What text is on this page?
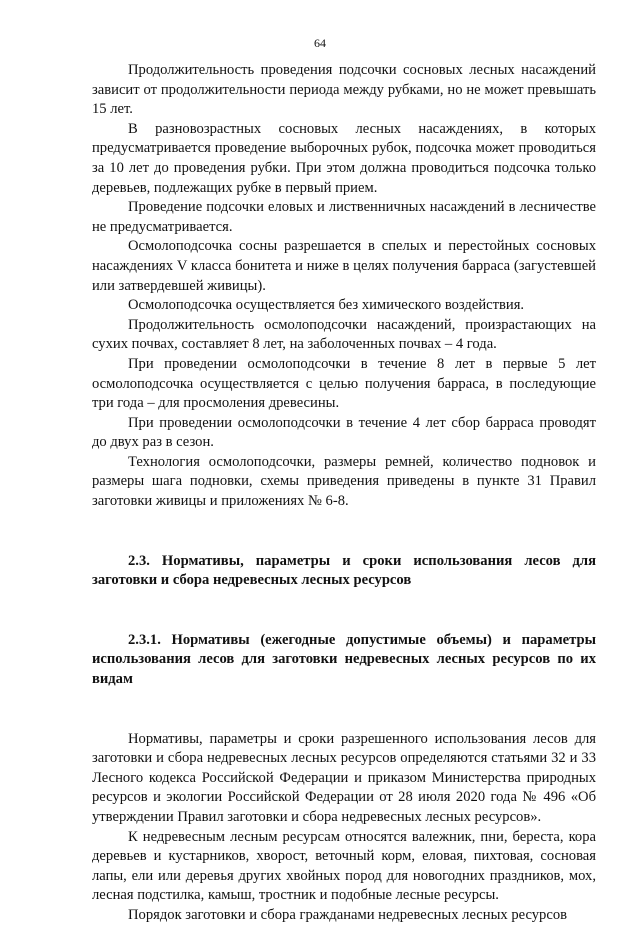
64

Продолжительность проведения подсочки сосновых лесных насаждений зависит от продолжительности периода между рубками, но не может превышать 15 лет.

В разновозрастных сосновых лесных насаждениях, в которых предусматривается проведение выборочных рубок, подсочка может проводиться за 10 лет до проведения рубки. При этом должна проводиться подсочка только деревьев, подлежащих рубке в первый прием.

Проведение подсочки еловых и лиственничных насаждений в лесничестве не предусматривается.

Осмолоподсочка сосны разрешается в спелых и перестойных сосновых насаждениях V класса бонитета и ниже в целях получения барраса (загустевшей или затвердевшей живицы).

Осмолоподсочка осуществляется без химического воздействия.

Продолжительность осмолоподсочки насаждений, произрастающих на сухих почвах, составляет 8 лет, на заболоченных почвах – 4 года.

При проведении осмолоподсочки в течение 8 лет в первые 5 лет осмолоподсочка осуществляется с целью получения барраса, в последующие три года – для просмоления древесины.

При проведении осмолоподсочки в течение 4 лет сбор барраса проводят до двух раз в сезон.

Технология осмолоподсочки, размеры ремней, количество подновок и размеры шага подновки, схемы приведения приведены в пункте 31 Правил заготовки живицы и приложениях № 6-8.

2.3. Нормативы, параметры и сроки использования лесов для заготовки и сбора недревесных лесных ресурсов

2.3.1. Нормативы (ежегодные допустимые объемы) и параметры использования лесов для заготовки недревесных лесных ресурсов по их видам

Нормативы, параметры и сроки разрешенного использования лесов для заготовки и сбора недревесных лесных ресурсов определяются статьями 32 и 33 Лесного кодекса Российской Федерации и приказом Министерства природных ресурсов и экологии Российской Федерации от 28 июля 2020 года № 496 «Об утверждении Правил заготовки и сбора недревесных лесных ресурсов».

К недревесным лесным ресурсам относятся валежник, пни, береста, кора деревьев и кустарников, хворост, веточный корм, еловая, пихтовая, сосновая лапы, ели или деревья других хвойных пород для новогодних праздников, мох, лесная подстилка, камыш, тростник и подобные лесные ресурсы.

Порядок заготовки и сбора гражданами недревесных лесных ресурсов
